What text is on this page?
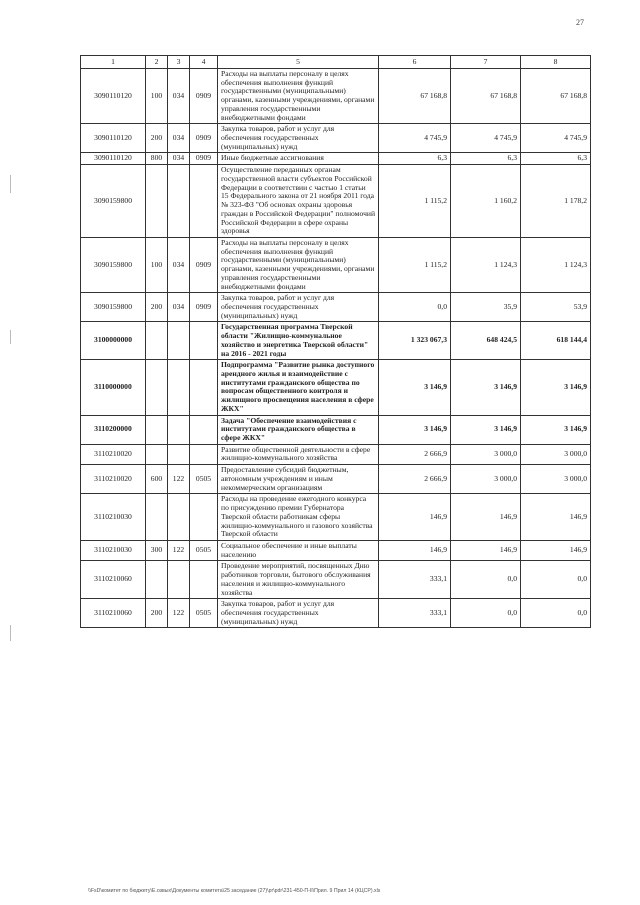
27
1	2	3	4	5	6	7	8
3090110120	100	034	0909	Расходы на выплаты персоналу в целях обеспечения выполнения функций государственными (муниципальными) органами, казенными учреждениями, органами управления государственными внебюджетными фондами	67 168,8	67 168,8	67 168,8
3090110120	200	034	0909	Закупка товаров, работ и услуг для обеспечения государственных (муниципальных) нужд	4 745,9	4 745,9	4 745,9
3090110120	800	034	0909	Иные бюджетные ассигнования	6,3	6,3	6,3
3090159800				Осуществление переданных органам государственной власти субъектов Российской Федерации в соответствии с частью 1 статьи 15 Федерального закона от 21 ноября 2011 года № 323-ФЗ "Об основах охраны здоровья граждан в Российской Федерации" полномочий Российской Федерации в сфере охраны здоровья	1 115,2	1 160,2	1 178,2
3090159800	100	034	0909	Расходы на выплаты персоналу в целях обеспечения выполнения функций государственными (муниципальными) органами, казенными учреждениями, органами управления государственными внебюджетными фондами	1 115,2	1 124,3	1 124,3
3090159800	200	034	0909	Закупка товаров, работ и услуг для обеспечения государственных (муниципальных) нужд	0,0	35,9	53,9
3100000000				Государственная программа Тверской области "Жилищно-коммунальное хозяйство и энергетика Тверской области" на 2016 - 2021 годы	1 323 067,3	648 424,5	618 144,4
3110000000				Подпрограмма "Развитие рынка доступного арендного жилья и взаимодействие с институтами гражданского общества по вопросам общественного контроля и жилищного просвещения населения в сфере ЖКХ"	3 146,9	3 146,9	3 146,9
3110200000				Задача "Обеспечение взаимодействия с институтами гражданского общества в сфере ЖКХ"	3 146,9	3 146,9	3 146,9
3110210020				Развитие общественной деятельности в сфере жилищно-коммунального хозяйства	2 666,9	3 000,0	3 000,0
3110210020	600	122	0505	Предоставление субсидий бюджетным, автономным учреждениям и иным некоммерческим организациям	2 666,9	3 000,0	3 000,0
3110210030				Расходы на проведение ежегодного конкурса по присуждению премии Губернатора Тверской области работникам сферы жилищно-коммунального и газового хозяйства Тверской области	146,9	146,9	146,9
3110210030	300	122	0505	Социальное обеспечение и иные выплаты населению	146,9	146,9	146,9
3110210060				Проведение мероприятий, посвященных Дню работников торговли, бытового обслуживания населения и жилищно-коммунального хозяйства	333,1	0,0	0,0
3110210060	200	122	0505	Закупка товаров, работ и услуг для обеспечения государственных (муниципальных) нужд	333,1	0,0	0,0
\\FsD\комитет по бюджету\Е.озвых\Документы комитета\25 заседание (27)\pr\pdr\231-450-П-II\Прил. 9 Прил 14 (КЦСР).xls
